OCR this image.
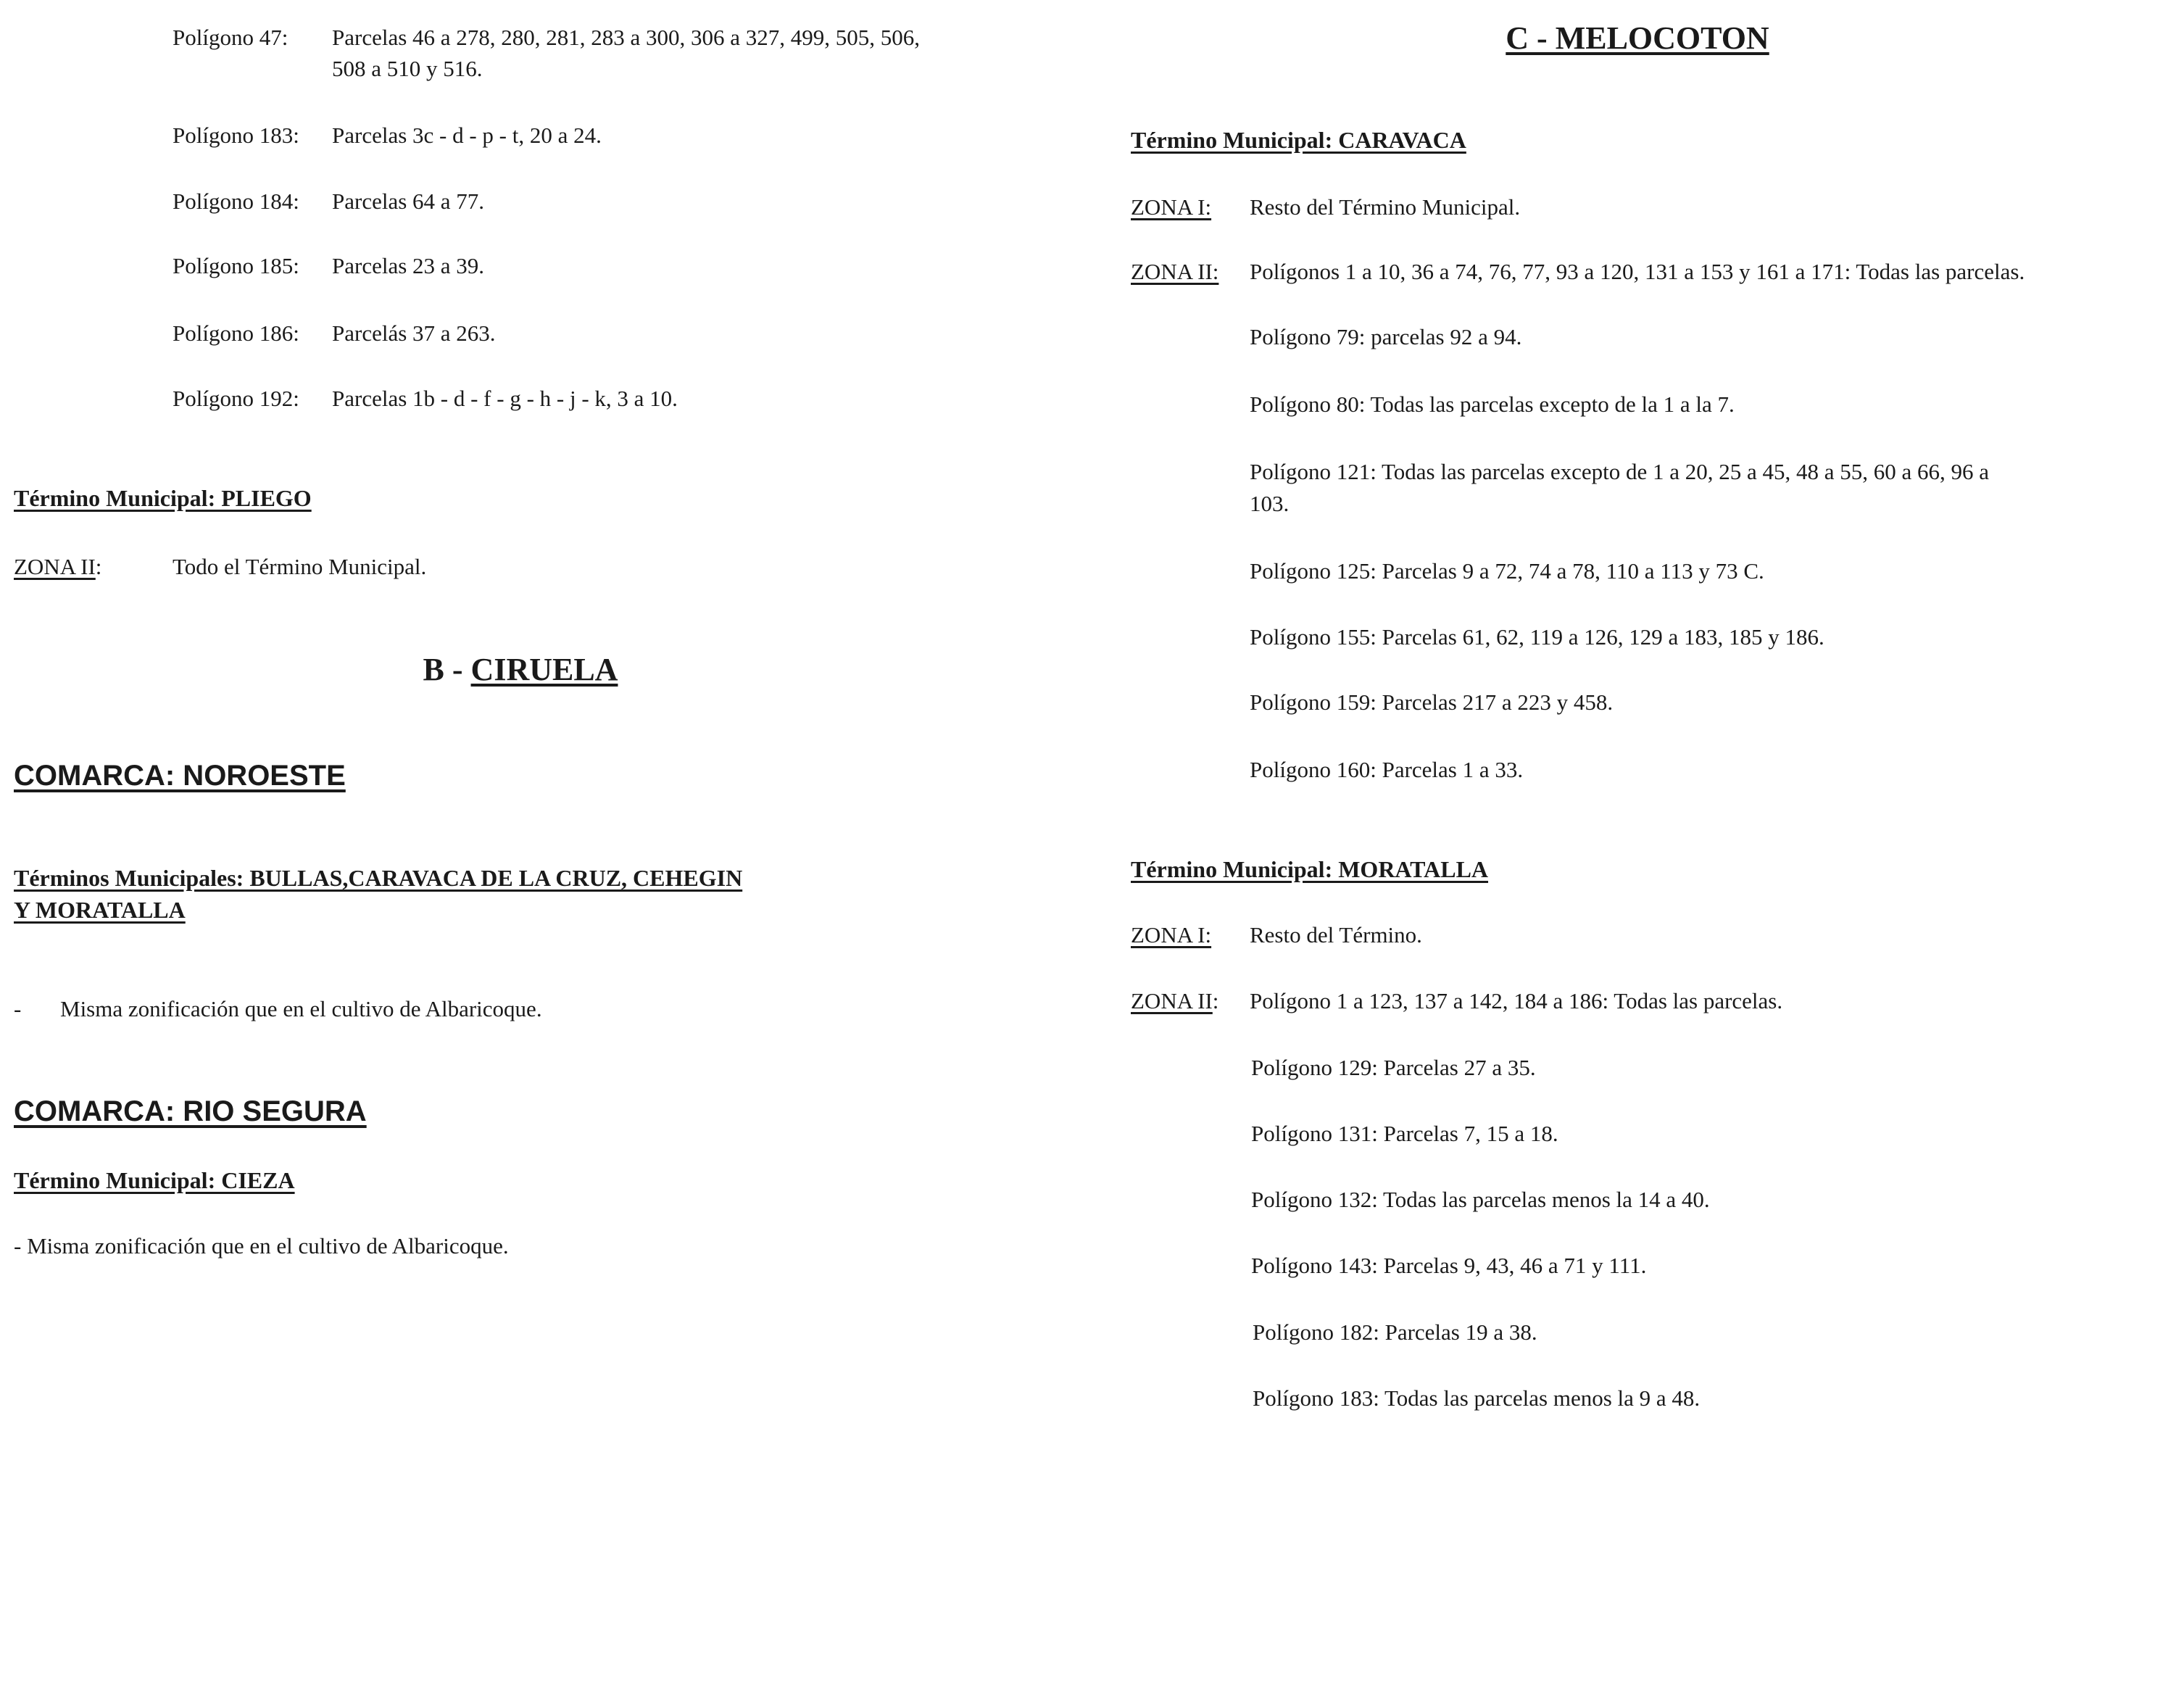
Polígono 47: Parcelas 46 a 278, 280, 281, 283 a 300, 306 a 327, 499, 505, 506,
508 a 510 y 516.
Polígono 183: Parcelas 3c - d - p - t, 20 a 24.
Polígono 184: Parcelas 64 a 77.
Polígono 185: Parcelas 23 a 39.
Polígono 186: Parcelás 37 a 263.
Polígono 192: Parcelas 1b - d - f - g - h - j - k, 3 a 10.
Término Municipal: PLIEGO
ZONA II:	Todo el Término Municipal.
B - CIRUELA
COMARCA: NOROESTE
Términos Municipales: BULLAS,CARAVACA DE LA CRUZ, CEHEGIN
Y MORATALLA
- Misma zonificación que en el cultivo de Albaricoque.
COMARCA: RIO SEGURA
Término Municipal: CIEZA
- Misma zonificación que en el cultivo de Albaricoque.
C - MELOCOTON
Término Municipal: CARAVACA
ZONA I: Resto del Término Municipal.
ZONA II: Polígonos 1 a 10, 36 a 74, 76, 77, 93 a 120, 131 a 153 y 161 a 171: Todas las parcelas.
Polígono 79: parcelas 92 a 94.
Polígono 80: Todas las parcelas excepto de la 1 a la 7.
Polígono 121: Todas las parcelas excepto de 1 a 20, 25 a 45, 48 a 55, 60 a 66, 96 a
103.
Polígono 125: Parcelas 9 a 72, 74 a 78, 110 a 113 y 73 C.
Polígono 155: Parcelas 61, 62, 119 a 126, 129 a 183, 185 y 186.
Polígono 159: Parcelas 217 a 223 y 458.
Polígono 160: Parcelas 1 a 33.
Término Municipal: MORATALLA
ZONA I: Resto del Término.
ZONA II: Polígono 1 a 123, 137 a 142, 184 a 186: Todas las parcelas.
Polígono 129: Parcelas 27 a 35.
Polígono 131: Parcelas 7, 15 a 18.
Polígono 132: Todas las parcelas menos la 14 a 40.
Polígono 143: Parcelas 9, 43, 46 a 71 y 111.
Polígono 182: Parcelas 19 a 38.
Polígono 183: Todas las parcelas menos la 9 a 48.
